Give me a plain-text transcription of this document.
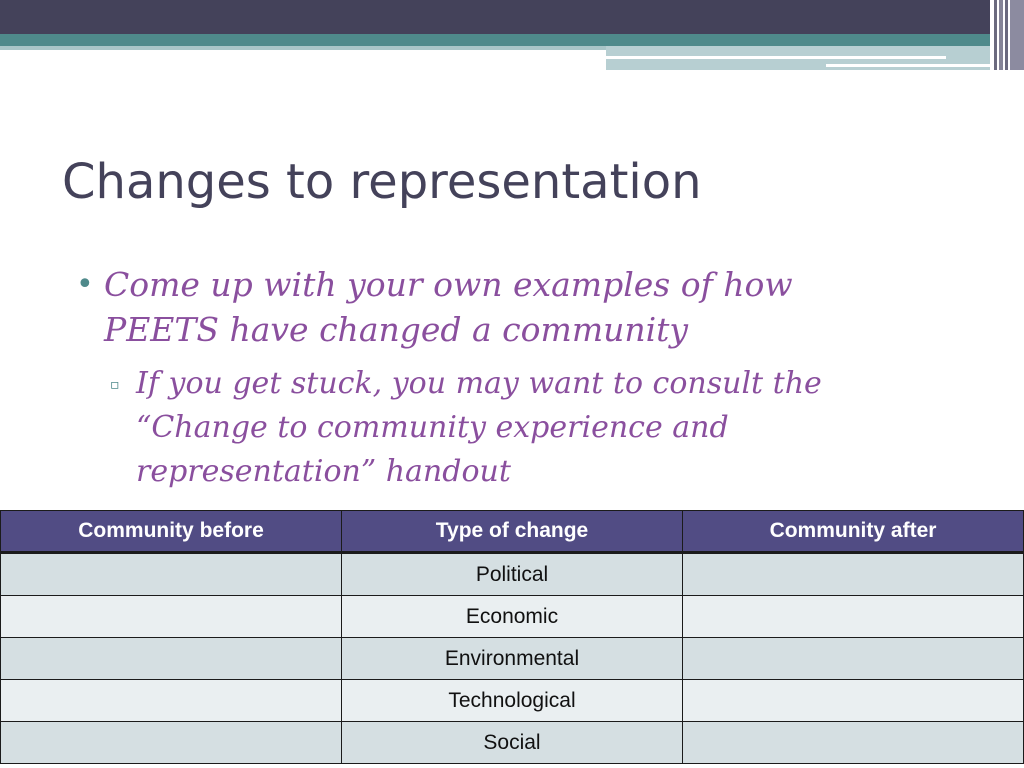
Changes to representation
• Come up with your own examples of how PEETS have changed a community
▫ If you get stuck, you may want to consult the “Change to community experience and representation” handout
Community before	Type of change	Community after
	Political	
	Economic	
	Environmental	
	Technological	
	Social	
